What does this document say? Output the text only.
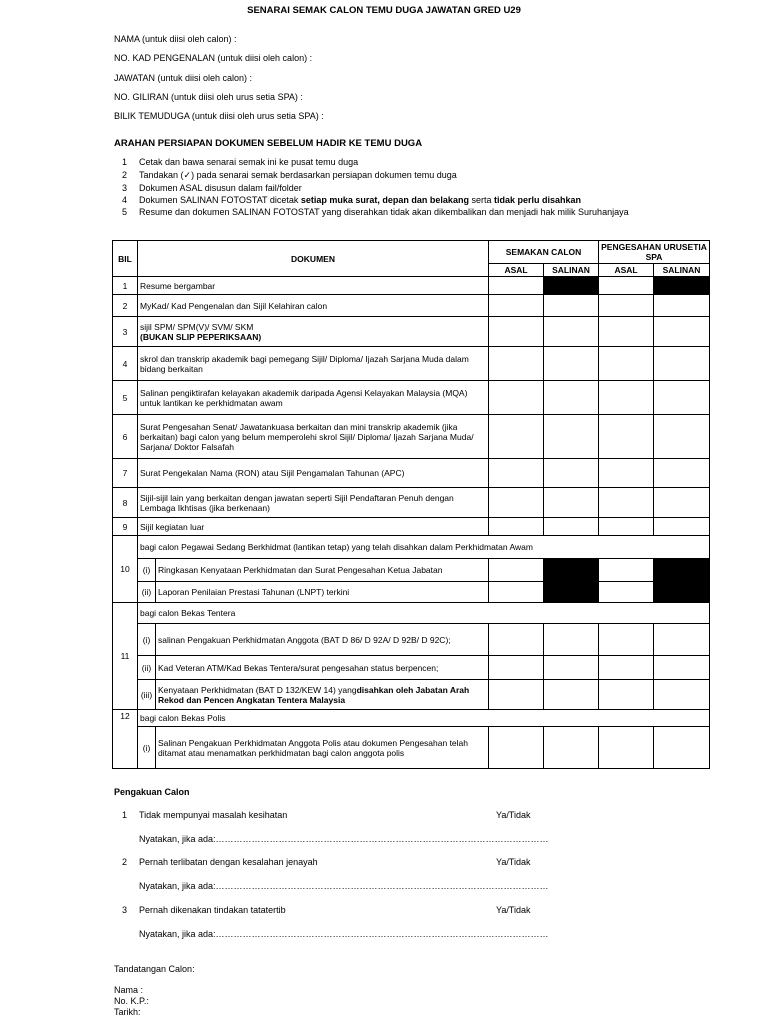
SENARAI SEMAK CALON TEMU DUGA JAWATAN GRED U29
NAMA (untuk diisi oleh calon) :
NO. KAD PENGENALAN (untuk diisi oleh calon) :
JAWATAN (untuk diisi oleh calon) :
NO. GILIRAN (untuk diisi oleh urus setia SPA) :
BILIK TEMUDUGA (untuk diisi oleh urus setia SPA) :
ARAHAN PERSIAPAN DOKUMEN SEBELUM HADIR KE TEMU DUGA
1 Cetak dan bawa senarai semak ini ke pusat temu duga
2 Tandakan (✓) pada senarai semak berdasarkan persiapan dokumen temu duga
3 Dokumen ASAL disusun dalam fail/folder
4 Dokumen SALINAN FOTOSTAT dicetak setiap muka surat, depan dan belakang serta tidak perlu disahkan
5 Resume dan dokumen SALINAN FOTOSTAT yang diserahkan tidak akan dikembalikan dan menjadi hak milik Suruhanjaya
BIL	DOKUMEN		SEMAKAN CALON		PENGESAHAN URUSETIA SPA	
			ASAL	SALINAN	ASAL	SALINAN
1	Resume bergambar					
2	MyKad/ Kad Pengenalan dan Sijil Kelahiran calon					
3	sijil SPM/ SPM(V)/ SVM/ SKM
(BUKAN SLIP PEPERIKSAAN)					
4	skrol dan transkrip akademik bagi pemegang Sijil/ Diploma/ Ijazah Sarjana Muda dalam bidang berkaitan					
5	Salinan pengiktirafan kelayakan akademik daripada Agensi Kelayakan Malaysia (MQA) untuk lantikan ke perkhidmatan awam					
6	Surat Pengesahan Senat/ Jawatankuasa berkaitan dan mini transkrip akademik (jika berkaitan) bagi calon yang belum memperolehi skrol Sijil/ Diploma/ Ijazah Sarjana Muda/ Sarjana/ Doktor Falsafah					
7	Surat Pengekalan Nama (RON) atau Sijil Pengamalan Tahunan (APC)					
8	Sijil-sijil lain yang berkaitan dengan jawatan seperti Sijil Pendaftaran Penuh dengan Lembaga Ikhtisas (jika berkenaan)					
9	Sijil kegiatan luar					
10	bagi calon Pegawai Sedang Berkhidmat (lantikan tetap) yang telah disahkan dalam Perkhidmatan Awam					
	(i)	Ringkasan Kenyataan Perkhidmatan dan Surat Pengesahan Ketua Jabatan				
	(ii)	Laporan Penilaian Prestasi Tahunan (LNPT) terkini				
11	bagi calon Bekas Tentera					
	(i)	salinan Pengakuan Perkhidmatan Anggota (BAT D 86/ D 92A/ D 92B/ D 92C);				
	(ii)	Kad Veteran ATM/Kad Bekas Tentera/surat pengesahan status berpencen;				
	(iii)	Kenyataan Perkhidmatan (BAT D 132/KEW 14) yangdisahkan oleh Jabatan Arah Rekod dan Pencen Angkatan Tentera Malaysia				
12	bagi calon Bekas Polis					
	(i)	Salinan Pengakuan Perkhidmatan Anggota Polis atau dokumen Pengesahan telah ditamat atau menamatkan perkhidmatan bagi calon anggota polis				
Pengakuan Calon
1 Tidak mempunyai masalah kesihatan	Ya/Tidak
Nyatakan, jika ada:…………………………………………………………………………………………………
2 Pernah terlibatan dengan kesalahan jenayah	Ya/Tidak
Nyatakan, jika ada:…………………………………………………………………………………………………
3 Pernah dikenakan tindakan tatatertib	Ya/Tidak
Nyatakan, jika ada:…………………………………………………………………………………………………
Tandatangan Calon:
Nama :
No. K.P.:
Tarikh:
